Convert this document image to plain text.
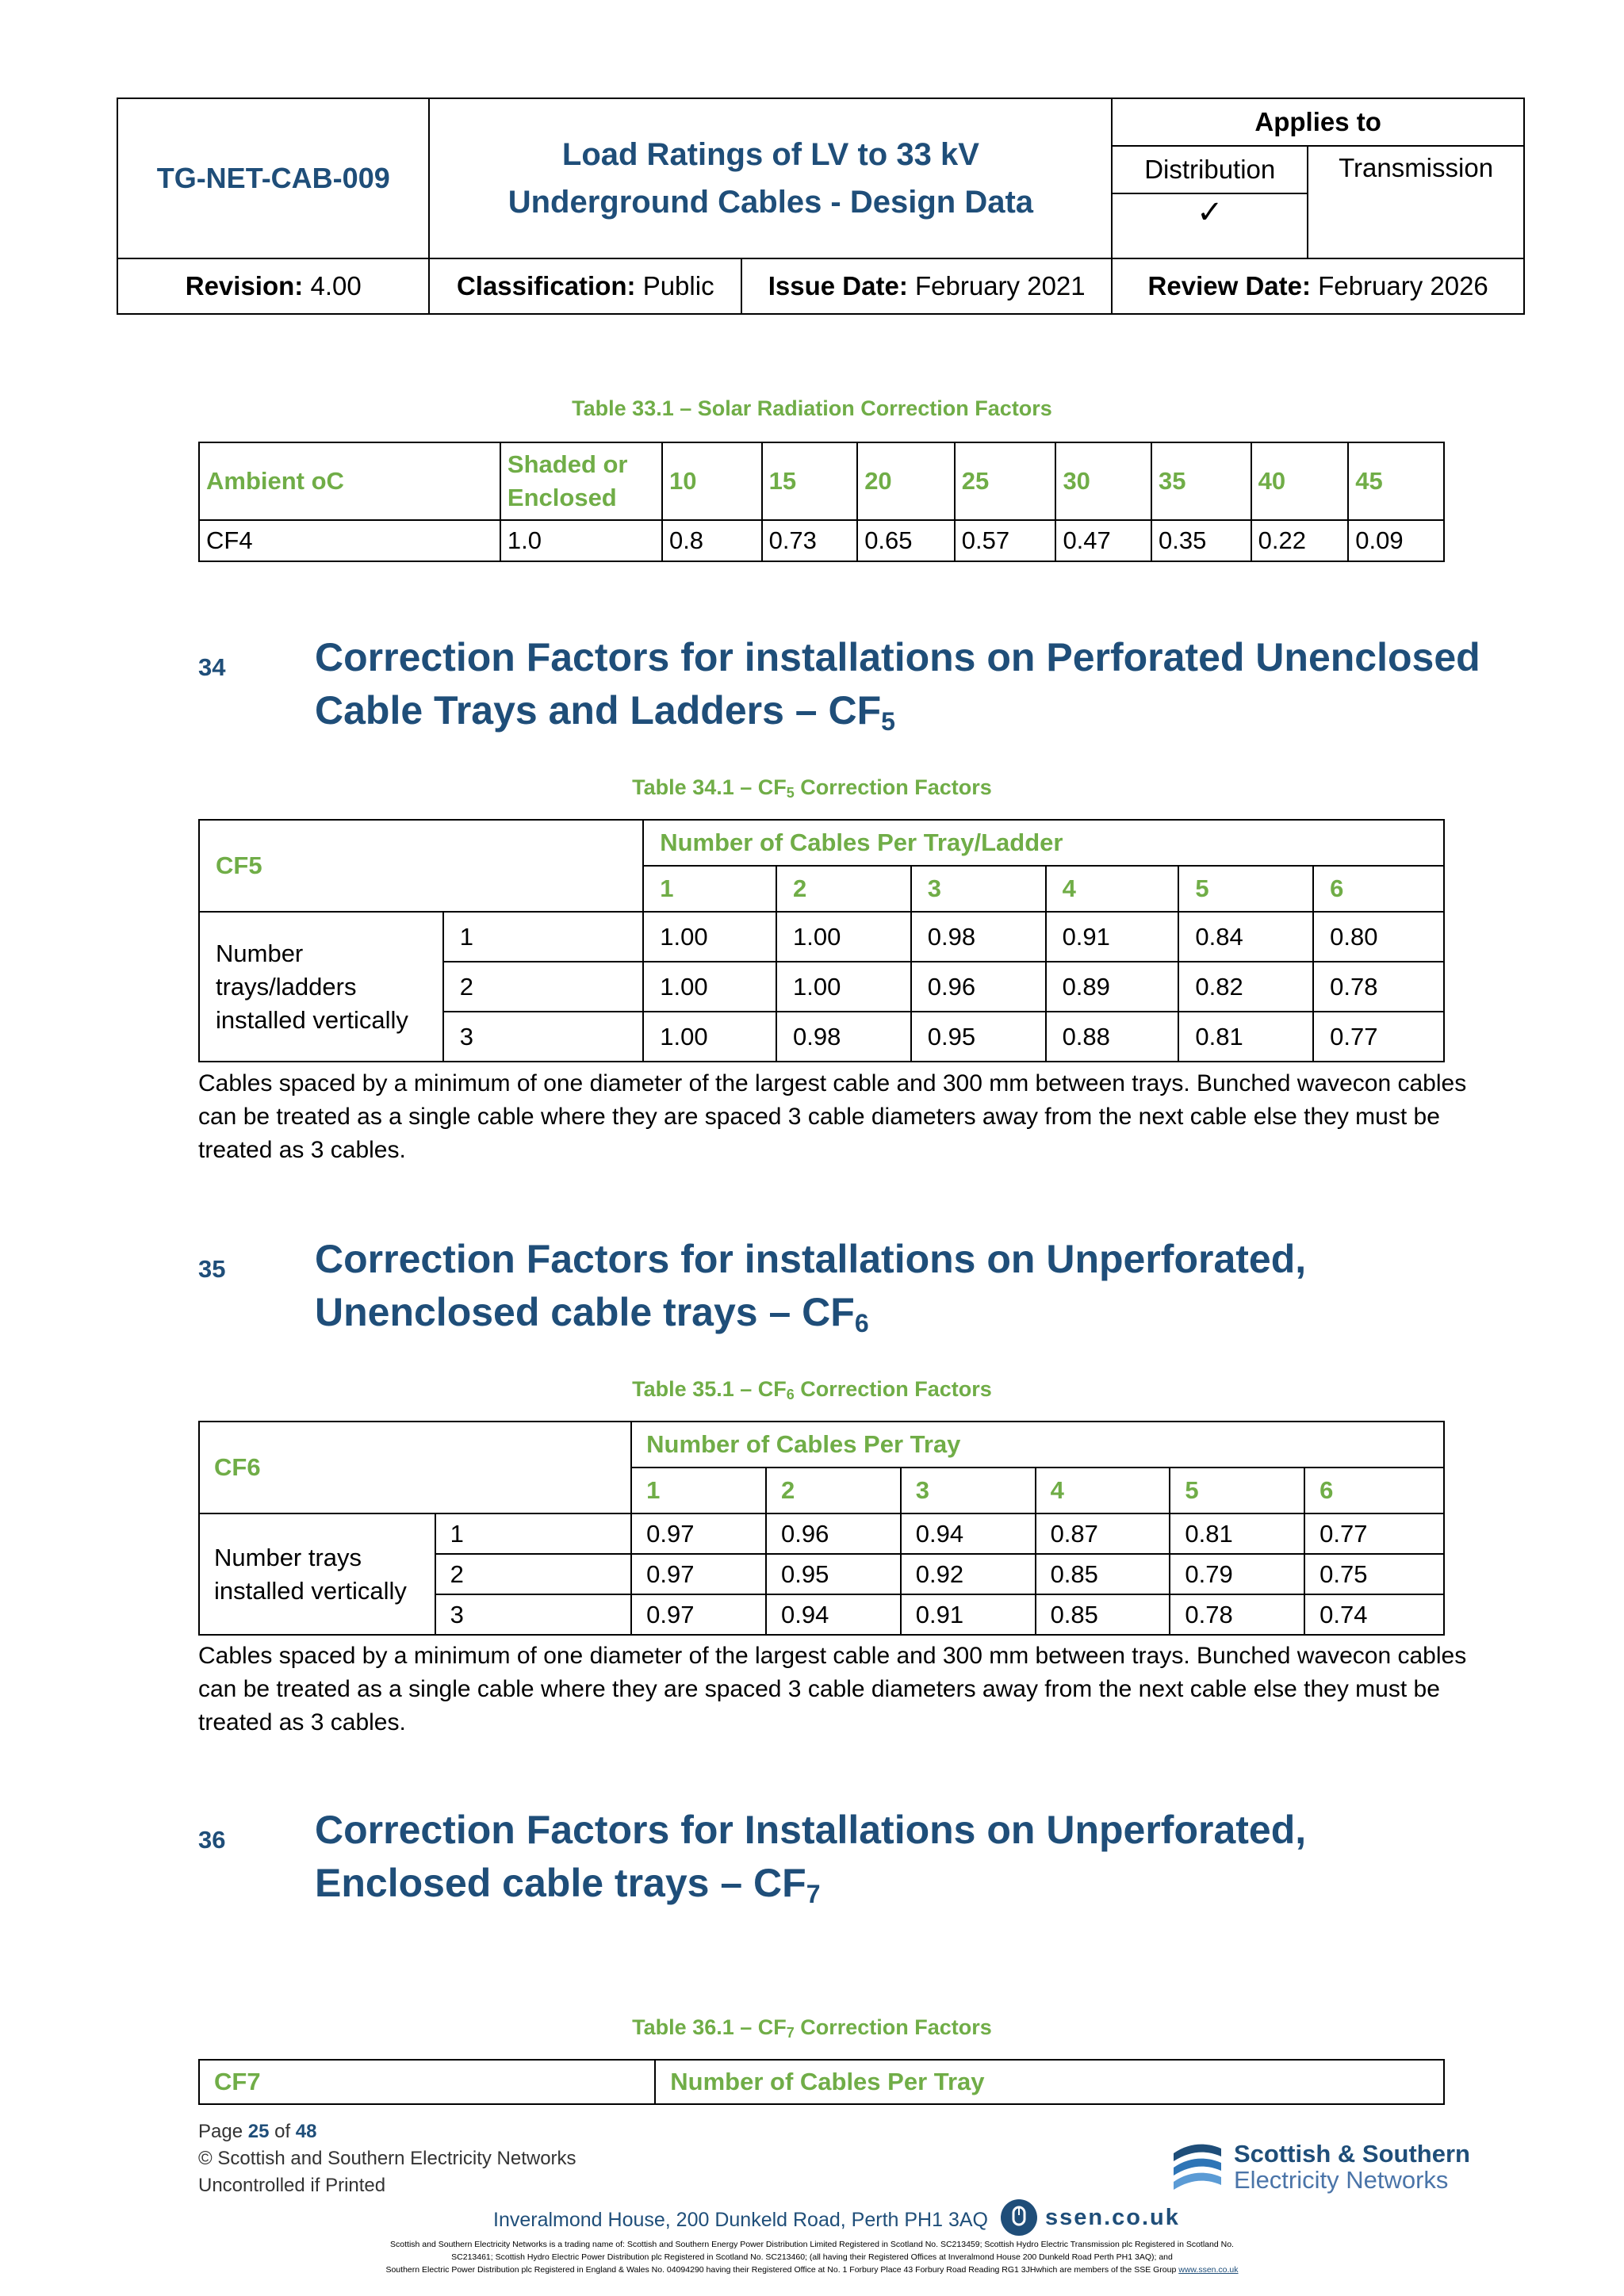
TG-NET-CAB-009	Load Ratings of LV to 33 kV
Underground Cables - Design Data		Applies to	
			Distribution	Transmission
			✓	
Revision: 4.00	Classification: Public	Issue Date: February 2021	Review Date: February 2026	
Table 33.1 – Solar Radiation Correction Factors
Ambient oC	Shaded or Enclosed	10	15	20	25	30	35	40	45
CF4	1.0	0.8	0.73	0.65	0.57	0.47	0.35	0.22	0.09
34 Correction Factors for installations on Perforated Unenclosed
Cable Trays and Ladders – $CF_5$
Table $34.1 - CF_5$ Correction Factors
CF5		Number of Cables Per Tray/Ladder					
		1	2	3	4	5	6
Number trays/ladders installed vertically	1	1.00	1.00	0.98	0.91	0.84	0.80
	2	1.00	1.00	0.96	0.89	0.82	0.78
	3	1.00	0.98	0.95	0.88	0.81	0.77
Cables spaced by a minimum of one diameter of the largest cable and 300 mm between trays. Bunched wavecon cables can be treated as a single cable where they are spaced 3 cable diameters away from the next cable else they must be treated as 3 cables.
35 Correction Factors for installations on Unperforated,
Unenclosed cable trays – $CF_6$
Table $35.1 - CF_6$ Correction Factors
CF6		Number of Cables Per Tray					
		1	2	3	4	5	6
Number trays installed vertically	1	0.97	0.96	0.94	0.87	0.81	0.77
	2	0.97	0.95	0.92	0.85	0.79	0.75
	3	0.97	0.94	0.91	0.85	0.78	0.74
Cables spaced by a minimum of one diameter of the largest cable and 300 mm between trays. Bunched wavecon cables can be treated as a single cable where they are spaced 3 cable diameters away from the next cable else they must be treated as 3 cables.
36 Correction Factors for Installations on Unperforated,
Enclosed cable trays – $CF_7$
Table $36.1 - CF_7$ Correction Factors
CF7	Number of Cables Per Tray
Page 25 of 48
© Scottish and Southern Electricity Networks
Uncontrolled if Printed
Scottish & Southern
Electricity Networks
Inveralmond House, 200 Dunkeld Road, Perth PH1 3AQ ssen.co.uk
Scottish and Southern Electricity Networks is a trading name of: Scottish and Southern Energy Power Distribution Limited Registered in Scotland No. SC213459; Scottish Hydro Electric Transmission plc Registered in Scotland No.
SC213461; Scottish Hydro Electric Power Distribution plc Registered in Scotland No. SC213460; (all having their Registered Offices at Inveralmond House 200 Dunkeld Road Perth PH1 3AQ); and
Southern Electric Power Distribution plc Registered in England & Wales No. 04094290 having their Registered Office at No. 1 Forbury Place 43 Forbury Road Reading RG1 3JHwhich are members of the SSE Group www.ssen.co.uk
